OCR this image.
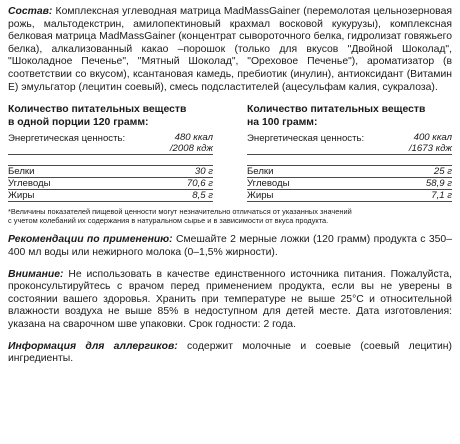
Состав: Комплексная углеводная матрица MadMassGainer (перемолотая цельнозерновая рожь, мальтодекстрин, амилопектиновый крахмал восковой кукурузы), комплексная белковая матрица MadMassGainer (концентрат сывороточного белка, гидролизат говяжьего белка), алкализованный какао –порошок (только для вкусов "Двойной Шоколад", "Шоколадное Печенье", "Мятный Шоколад", "Ореховое Печенье"), ароматизатор (в соответствии со вкусом), ксантановая камедь, пребиотик (инулин), антиоксидант (Витамин Е) эмульгатор (лецитин соевый), смесь подсластителей (ацесульфам калия, сукралоза).

Количество питательных веществ
в одной порции 120 грамм:
Энергетическая ценность:	480 ккал
/2008 кдж
Белки	30 г
Углеводы	70,6 г
Жиры	8,5 г
Количество питательных веществ
на 100 грамм:
Энергетическая ценность:	400 ккал
/1673 кдж
Белки	25 г
Углеводы	58,9 г
Жиры	7,1 г
*Величины показателей пищевой ценности могут незначительно отличаться от указанных значений
с учетом колебаний их содержания в натуральном сырье и в зависимости от вкуса продукта.

Рекомендации по применению: Смешайте 2 мерные ложки (120 грамм) продукта с 350–400 мл воды или нежирного молока (0–1,5% жирности).

Внимание: Не использовать в качестве единственного источника питания. Пожалуйста, проконсультируйтесь с врачом перед применением продукта, если вы не уверены в состоянии вашего здоровья. Хранить при температуре не выше 25°С и относительной влажности воздуха не выше 85% в недоступном для детей месте. Дата изготовления: указана на сварочном шве упаковки. Срок годности: 2 года.

Информация для аллергиков: содержит молочные и соевые (соевый лецитин) ингредиенты.
